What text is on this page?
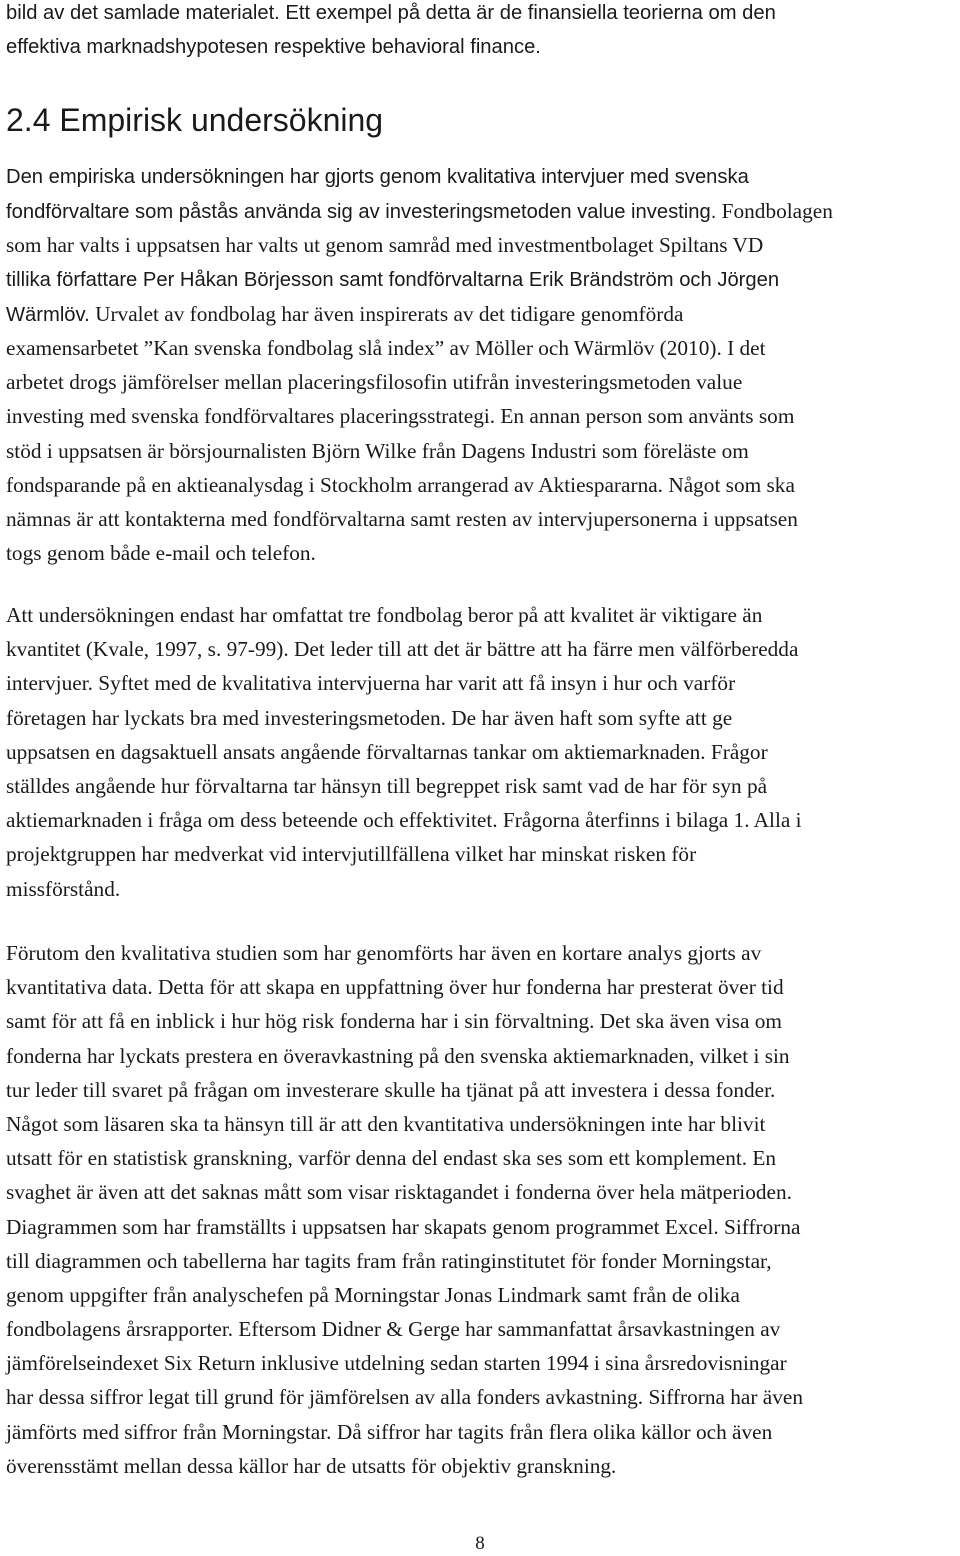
bild av det samlade materialet. Ett exempel på detta är de finansiella teorierna om den
effektiva marknadshypotesen respektive behavioral finance.
2.4 Empirisk undersökning
Den empiriska undersökningen har gjorts genom kvalitativa intervjuer med svenska
fondförvaltare som påstås använda sig av investeringsmetoden value investing. Fondbolagen
som har valts i uppsatsen har valts ut genom samråd med investmentbolaget Spiltans VD
tillika författare Per Håkan Börjesson samt fondförvaltarna Erik Brändström och Jörgen
Wärmlöv. Urvalet av fondbolag har även inspirerats av det tidigare genomförda
examensarbetet ”Kan svenska fondbolag slå index” av Möller och Wärmlöv (2010). I det
arbetet drogs jämförelser mellan placeringsfilosofin utifrån investeringsmetoden value
investing med svenska fondförvaltares placeringsstrategi. En annan person som använts som
stöd i uppsatsen är börsjournalisten Björn Wilke från Dagens Industri som föreläste om
fondsparande på en aktieanalysdag i Stockholm arrangerad av Aktiespararna. Något som ska
nämnas är att kontakterna med fondförvaltarna samt resten av intervjupersonerna i uppsatsen
togs genom både e-mail och telefon.
Att undersökningen endast har omfattat tre fondbolag beror på att kvalitet är viktigare än
kvantitet (Kvale, 1997, s. 97-99). Det leder till att det är bättre att ha färre men välförberedda
intervjuer. Syftet med de kvalitativa intervjuerna har varit att få insyn i hur och varför
företagen har lyckats bra med investeringsmetoden. De har även haft som syfte att ge
uppsatsen en dagsaktuell ansats angående förvaltarnas tankar om aktiemarknaden. Frågor
ställdes angående hur förvaltarna tar hänsyn till begreppet risk samt vad de har för syn på
aktiemarknaden i fråga om dess beteende och effektivitet. Frågorna återfinns i bilaga 1. Alla i
projektgruppen har medverkat vid intervjutillfällena vilket har minskat risken för
missförstånd.
Förutom den kvalitativa studien som har genomförts har även en kortare analys gjorts av
kvantitativa data. Detta för att skapa en uppfattning över hur fonderna har presterat över tid
samt för att få en inblick i hur hög risk fonderna har i sin förvaltning. Det ska även visa om
fonderna har lyckats prestera en överavkastning på den svenska aktiemarknaden, vilket i sin
tur leder till svaret på frågan om investerare skulle ha tjänat på att investera i dessa fonder.
Något som läsaren ska ta hänsyn till är att den kvantitativa undersökningen inte har blivit
utsatt för en statistisk granskning, varför denna del endast ska ses som ett komplement. En
svaghet är även att det saknas mått som visar risktagandet i fonderna över hela mätperioden.
Diagrammen som har framställts i uppsatsen har skapats genom programmet Excel. Siffrorna
till diagrammen och tabellerna har tagits fram från ratinginstitutet för fonder Morningstar,
genom uppgifter från analyschefen på Morningstar Jonas Lindmark samt från de olika
fondbolagens årsrapporter. Eftersom Didner & Gerge har sammanfattat årsavkastningen av
jämförelseindexet Six Return inklusive utdelning sedan starten 1994 i sina årsredovisningar
har dessa siffror legat till grund för jämförelsen av alla fonders avkastning. Siffrorna har även
jämförts med siffror från Morningstar. Då siffror har tagits från flera olika källor och även
överensstämt mellan dessa källor har de utsatts för objektiv granskning.
8
